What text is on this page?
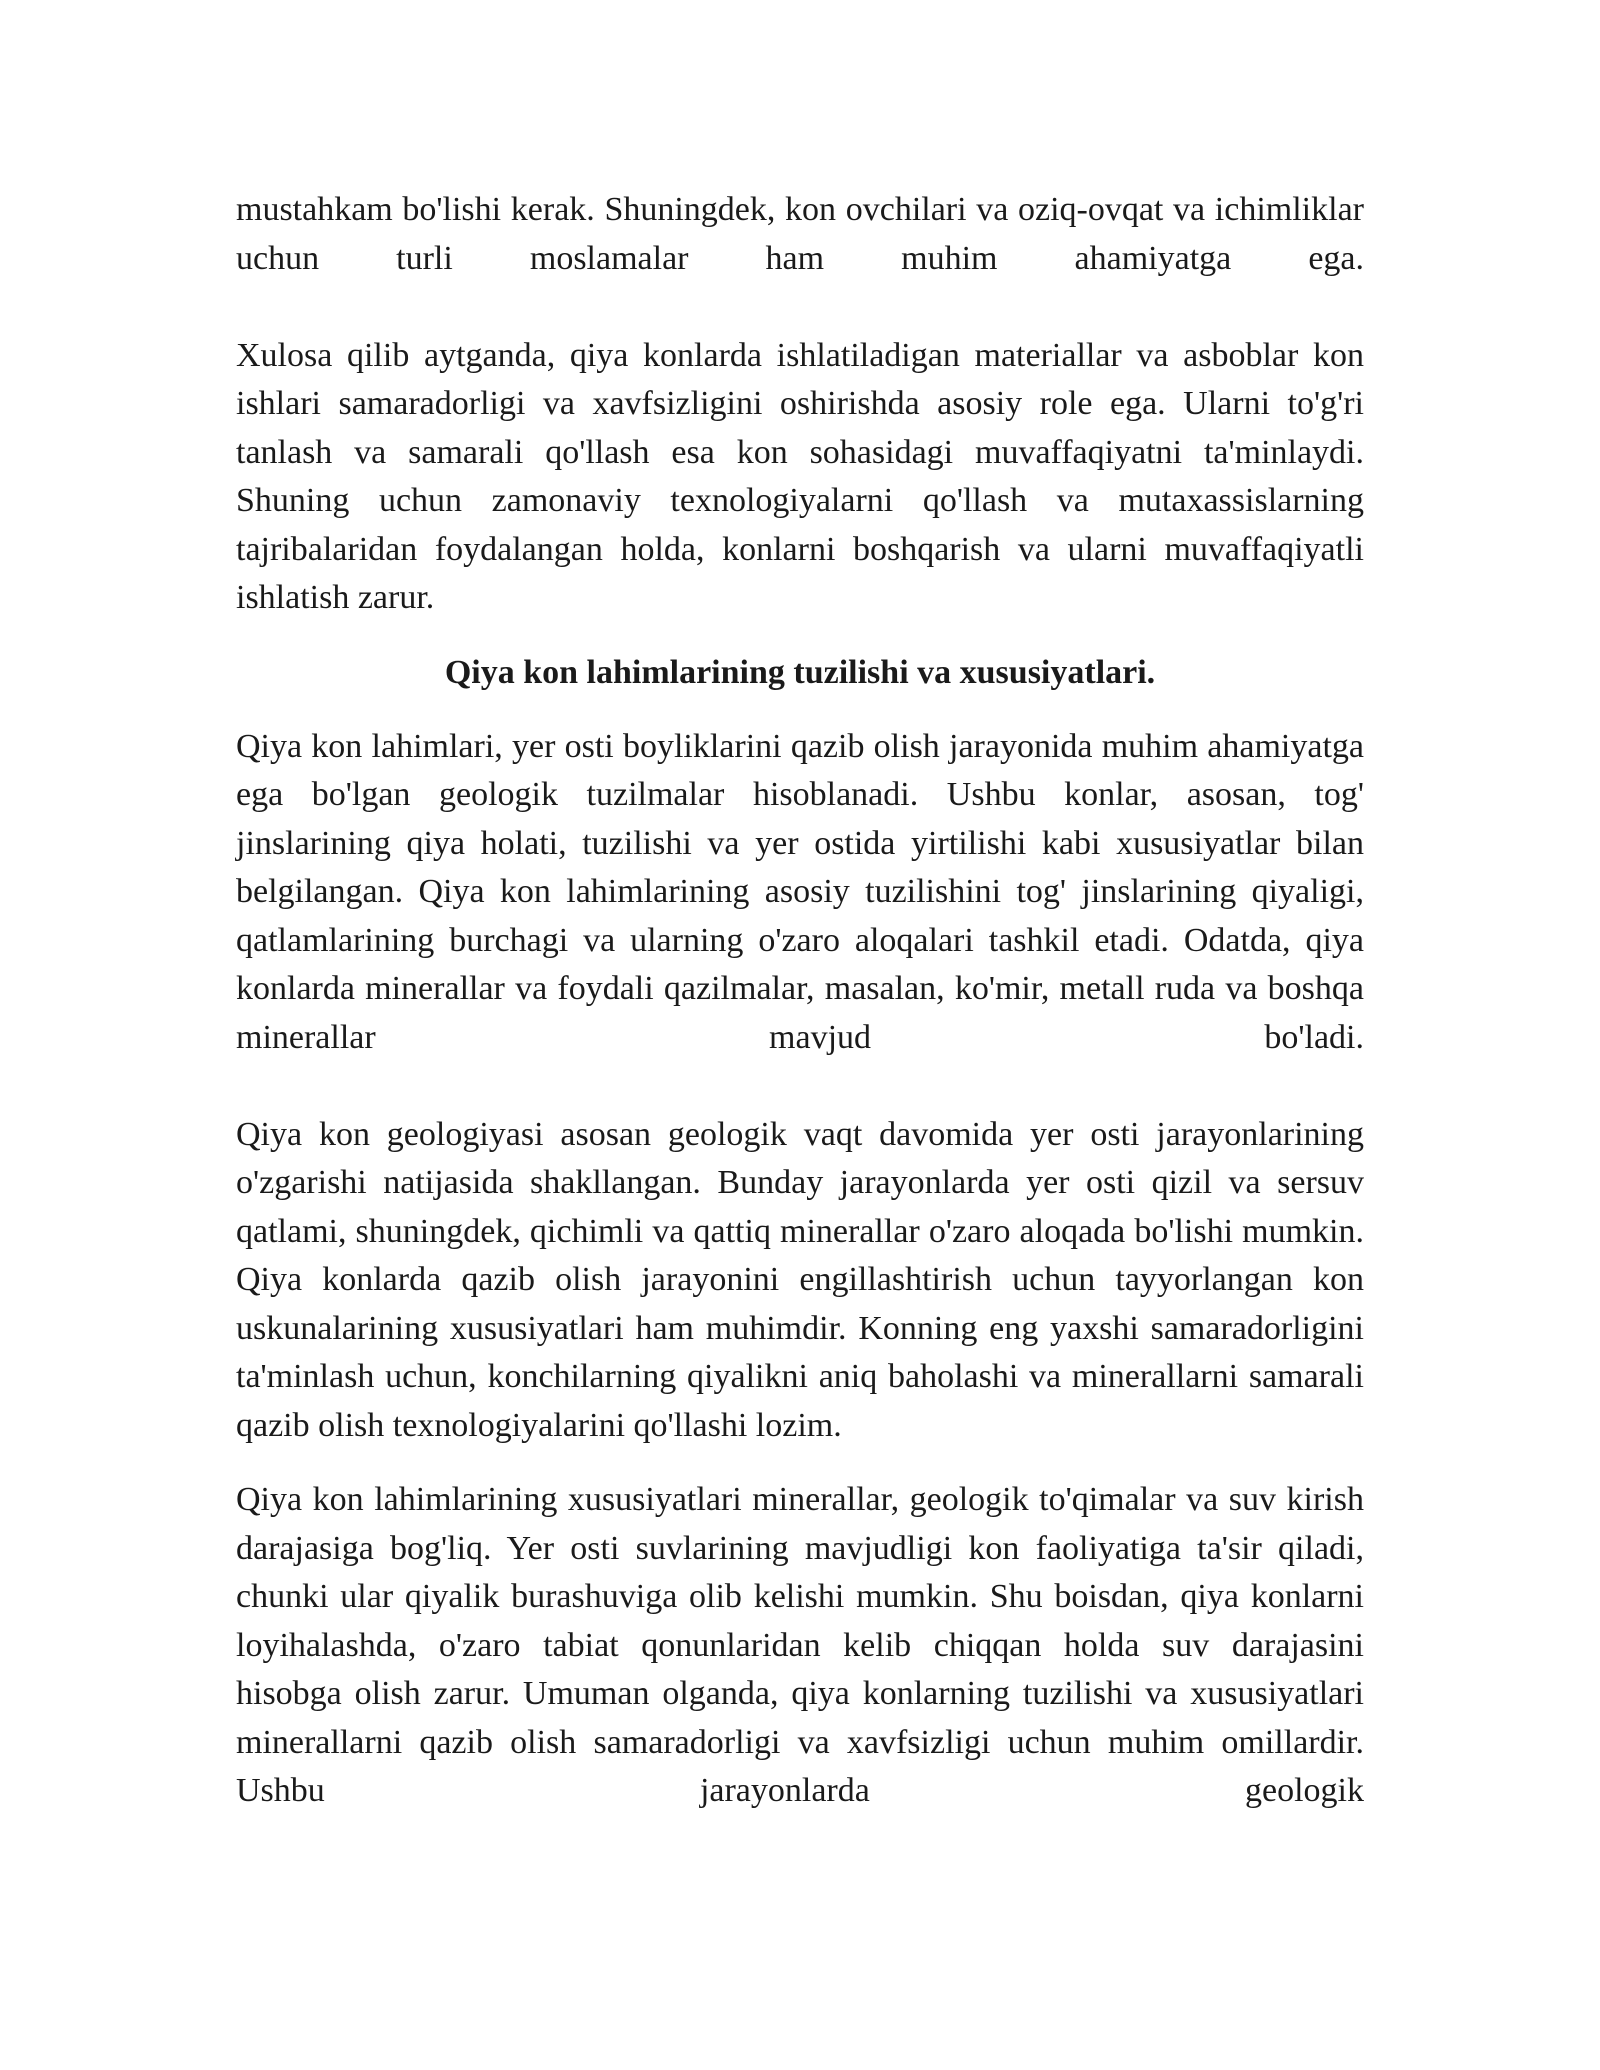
mustahkam bo'lishi kerak. Shuningdek, kon ovchilari va oziq-ovqat va ichimliklar uchun turli moslamalar ham muhim ahamiyatga ega.

Xulosa qilib aytganda, qiya konlarda ishlatiladigan materiallar va asboblar kon ishlari samaradorligi va xavfsizligini oshirishda asosiy role ega. Ularni to'g'ri tanlash va samarali qo'llash esa kon sohasidagi muvaffaqiyatni ta'minlaydi. Shuning uchun zamonaviy texnologiyalarni qo'llash va mutaxassislarning tajribalaridan foydalangan holda, konlarni boshqarish va ularni muvaffaqiyatli ishlatish zarur.

Qiya kon lahimlarining tuzilishi va xususiyatlari.

Qiya kon lahimlari, yer osti boyliklarini qazib olish jarayonida muhim ahamiyatga ega bo'lgan geologik tuzilmalar hisoblanadi. Ushbu konlar, asosan, tog' jinslarining qiya holati, tuzilishi va yer ostida yirtilishi kabi xususiyatlar bilan belgilangan. Qiya kon lahimlarining asosiy tuzilishini tog' jinslarining qiyaligi, qatlamlarining burchagi va ularning o'zaro aloqalari tashkil etadi. Odatda, qiya konlarda minerallar va foydali qazilmalar, masalan, ko'mir, metall ruda va boshqa minerallar mavjud bo'ladi.

Qiya kon geologiyasi asosan geologik vaqt davomida yer osti jarayonlarining o'zgarishi natijasida shakllangan. Bunday jarayonlarda yer osti qizil va sersuv qatlami, shuningdek, qichimli va qattiq minerallar o'zaro aloqada bo'lishi mumkin. Qiya konlarda qazib olish jarayonini engillashtirish uchun tayyorlangan kon uskunalarining xususiyatlari ham muhimdir. Konning eng yaxshi samaradorligini ta'minlash uchun, konchilarning qiyalikni aniq baholashi va minerallarni samarali qazib olish texnologiyalarini qo'llashi lozim.

Qiya kon lahimlarining xususiyatlari minerallar, geologik to'qimalar va suv kirish darajasiga bog'liq. Yer osti suvlarining mavjudligi kon faoliyatiga ta'sir qiladi, chunki ular qiyalik burashuviga olib kelishi mumkin. Shu boisdan, qiya konlarni loyihalashda, o'zaro tabiat qonunlaridan kelib chiqqan holda suv darajasini hisobga olish zarur. Umuman olganda, qiya konlarning tuzilishi va xususiyatlari minerallarni qazib olish samaradorligi va xavfsizligi uchun muhim omillardir. Ushbu jarayonlarda geologik
